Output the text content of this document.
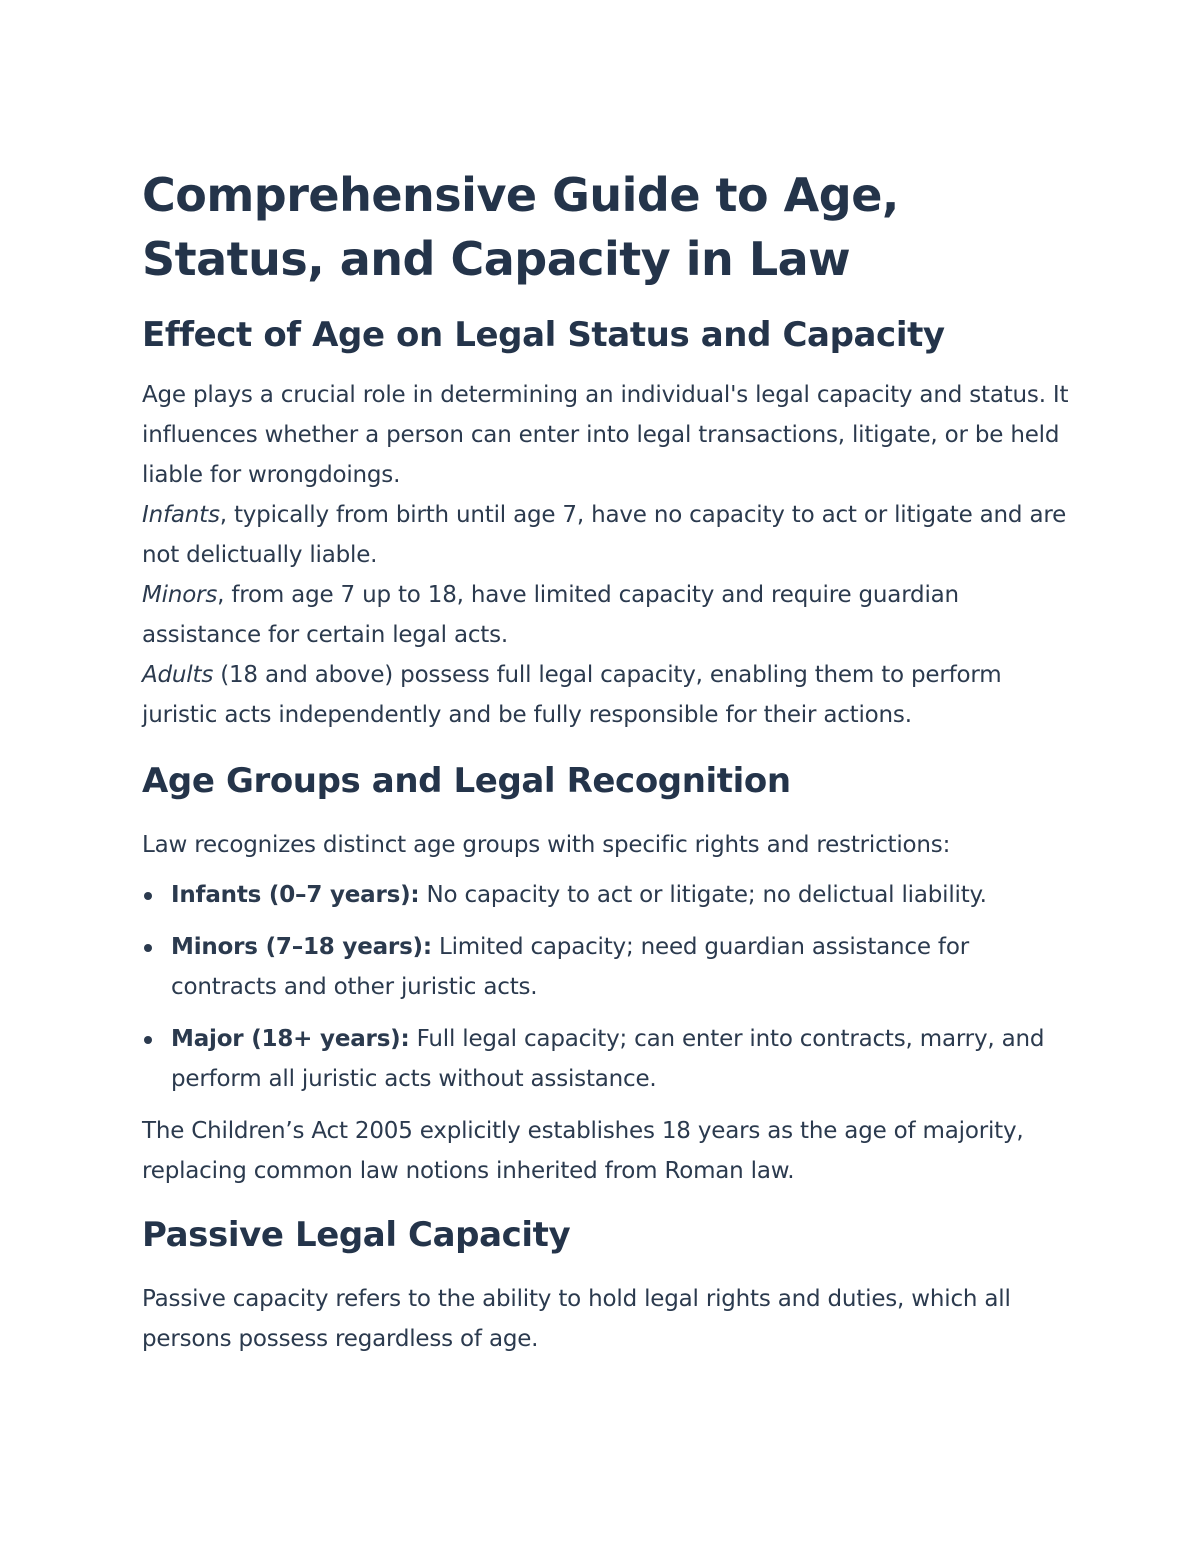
Comprehensive Guide to Age, Status, and Capacity in Law
Effect of Age on Legal Status and Capacity

Age plays a crucial role in determining an individual's legal capacity and status. It influences whether a person can enter into legal transactions, litigate, or be held liable for wrongdoings.

Infants, typically from birth until age 7, have no capacity to act or litigate and are not delictually liable.

Minors, from age 7 up to 18, have limited capacity and require guardian assistance for certain legal acts.

Adults (18 and above) possess full legal capacity, enabling them to perform juristic acts independently and be fully responsible for their actions.

Age Groups and Legal Recognition

Law recognizes distinct age groups with specific rights and restrictions:

Infants (0–7 years): No capacity to act or litigate; no delictual liability.
Minors (7–18 years): Limited capacity; need guardian assistance for contracts and other juristic acts.
Major (18+ years): Full legal capacity; can enter into contracts, marry, and perform all juristic acts without assistance.

The Children’s Act 2005 explicitly establishes 18 years as the age of majority, replacing common law notions inherited from Roman law.

Passive Legal Capacity

Passive capacity refers to the ability to hold legal rights and duties, which all persons possess regardless of age.
